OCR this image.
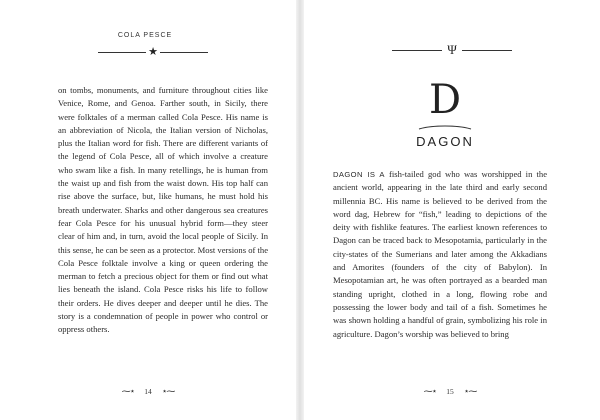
COLA PESCE
★

on tombs, monuments, and furniture throughout cities like Venice, Rome, and Genoa. Farther south, in Sicily, there were folktales of a merman called Cola Pesce. His name is an abbreviation of Nicola, the Italian version of Nicholas, plus the Italian word for fish. There are different variants of the legend of Cola Pesce, all of which involve a creature who swam like a fish. In many retellings, he is human from the waist up and fish from the waist down. His top half can rise above the surface, but, like humans, he must hold his breath underwater. Sharks and other dangerous sea creatures fear Cola Pesce for his unusual hybrid form—they steer clear of him and, in turn, avoid the local people of Sicily. In this sense, he can be seen as a protector. Most versions of the Cola Pesce folktale involve a king or queen ordering the merman to fetch a precious object for them or find out what lies beneath the island. Cola Pesce risks his life to follow their orders. He dives deeper and deeper until he dies. The story is a condemnation of people in power who control or oppress others.

⁓⋆ 14 ⋆⁓
Ψ
D
DAGON

DAGON IS A fish-tailed god who was worshipped in the ancient world, appearing in the late third and early second millennia BC. His name is believed to be derived from the word dag, Hebrew for “fish,” leading to depictions of the deity with fishlike features. The earliest known references to Dagon can be traced back to Mesopotamia, particularly in the city-states of the Sumerians and later among the Akkadians and Amorites (founders of the city of Babylon). In Mesopotamian art, he was often portrayed as a bearded man standing upright, clothed in a long, flowing robe and possessing the lower body and tail of a fish. Sometimes he was shown holding a handful of grain, symbolizing his role in agriculture. Dagon’s worship was believed to bring

⁓⋆ 15 ⋆⁓
